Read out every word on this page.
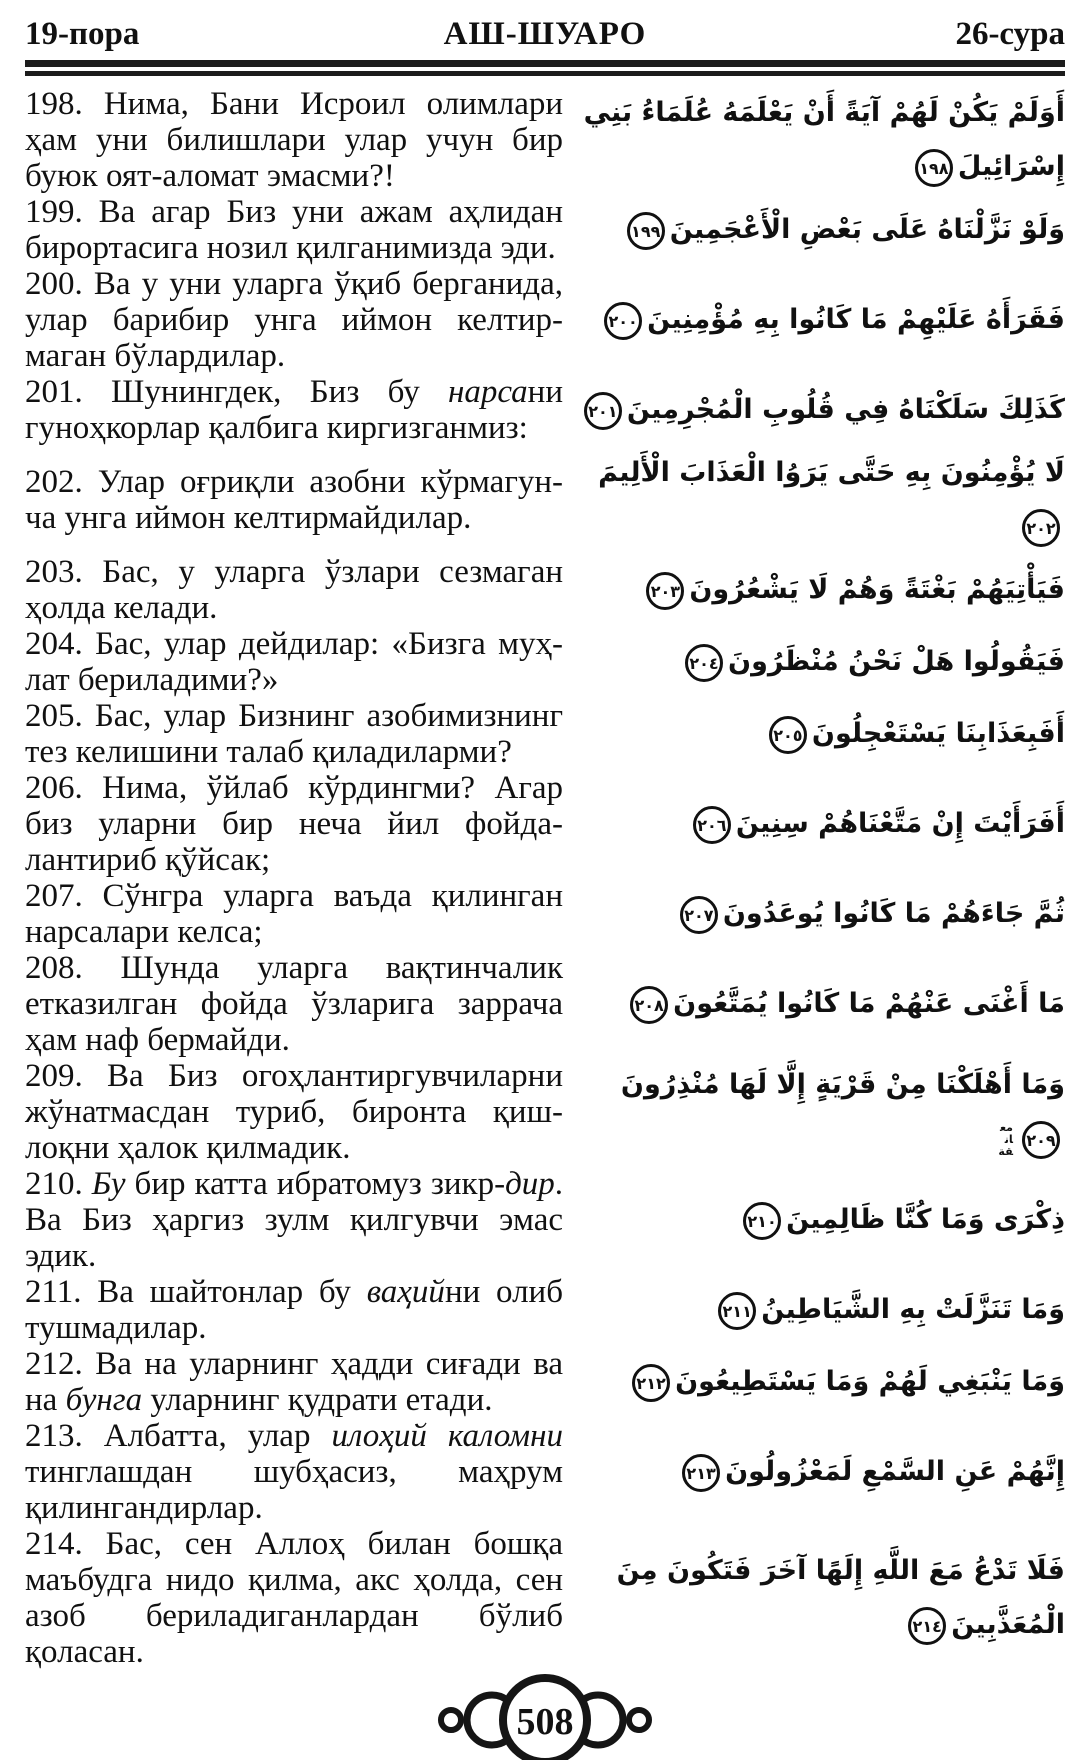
19-пора	АШ-ШУАРО	26-сура

198. Нима, Бани Исроил олимлари ҳам уни билишлари улар учун бир буюк оят-аломат эмасми?!

أَوَلَمْ يَكُنْ لَهُمْ آيَةً أَنْ يَعْلَمَهُ عُلَمَاءُ بَنِي إِسْرَائِيلَ١٩٨

199. Ва агар Биз уни ажам аҳлидан бирортасига нозил қилганимизда эди.

وَلَوْ نَزَّلْنَاهُ عَلَى بَعْضِ الْأَعْجَمِينَ١٩٩

200. Ва у уни уларга ўқиб берганида, улар барибир унга иймон келтир-маган бўлардилар.

فَقَرَأَهُ عَلَيْهِمْ مَا كَانُوا بِهِ مُؤْمِنِينَ٢٠٠

201. Шунингдек, Биз бу нарсани гуноҳкорлар қалбига киргизганмиз:

كَذَلِكَ سَلَكْنَاهُ فِي قُلُوبِ الْمُجْرِمِينَ٢٠١

202. Улар оғриқли азобни кўрмагун-ча унга иймон келтирмайдилар.

لَا يُؤْمِنُونَ بِهِ حَتَّى يَرَوُا الْعَذَابَ الْأَلِيمَ٢٠٢

203. Бас, у уларга ўзлари сезмаган ҳолда келади.

فَيَأْتِيَهُمْ بَغْتَةً وَهُمْ لَا يَشْعُرُونَ٢٠٣

204. Бас, улар дейдилар: «Бизга муҳ-лат бериладими?»

فَيَقُولُوا هَلْ نَحْنُ مُنْظَرُونَ٢٠٤

205. Бас, улар Бизнинг азобимизнинг тез келишини талаб қиладиларми?

أَفَبِعَذَابِنَا يَسْتَعْجِلُونَ٢٠٥

206. Нима, ўйлаб кўрдингми? Агар биз уларни бир неча йил фойда-лантириб қўйсак;

أَفَرَأَيْتَ إِنْ مَتَّعْنَاهُمْ سِنِينَ٢٠٦

207. Сўнгра уларга ваъда қилинган нарсалари келса;

ثُمَّ جَاءَهُمْ مَا كَانُوا يُوعَدُونَ٢٠٧

208. Шунда уларга вақтинчалик етказилган фойда ўзларига заррача ҳам наф бермайди.

مَا أَغْنَى عَنْهُمْ مَا كَانُوا يُمَتَّعُونَ٢٠٨

209. Ва Биз огоҳлантиргувчиларни жўнатмасдан туриб, биронта қиш-лоқни ҳалок қилмадик.

وَمَا أَهْلَكْنَا مِنْ قَرْيَةٍ إِلَّا لَهَا مُنْذِرُونَ٢٠٩معانقة

210. Бу бир катта ибратомуз зикр-дир. Ва Биз ҳаргиз зулм қилгувчи эмас эдик.

ذِكْرَى وَمَا كُنَّا ظَالِمِينَ٢١٠

211. Ва шайтонлар бу ваҳийни олиб тушмадилар.

وَمَا تَنَزَّلَتْ بِهِ الشَّيَاطِينُ٢١١

212. Ва на уларнинг ҳадди сиғади ва на бунга уларнинг қудрати етади.

وَمَا يَنْبَغِي لَهُمْ وَمَا يَسْتَطِيعُونَ٢١٢

213. Албатта, улар илоҳий каломни тинглашдан шубҳасиз, маҳрум қилингандирлар.

إِنَّهُمْ عَنِ السَّمْعِ لَمَعْزُولُونَ٢١٣

214. Бас, сен Аллоҳ билан бошқа маъбудга нидо қилма, акс ҳолда, сен азоб бериладиганлардан бўлиб қоласан.

فَلَا تَدْعُ مَعَ اللَّهِ إِلَهًا آخَرَ فَتَكُونَ مِنَ الْمُعَذَّبِينَ٢١٤
508
